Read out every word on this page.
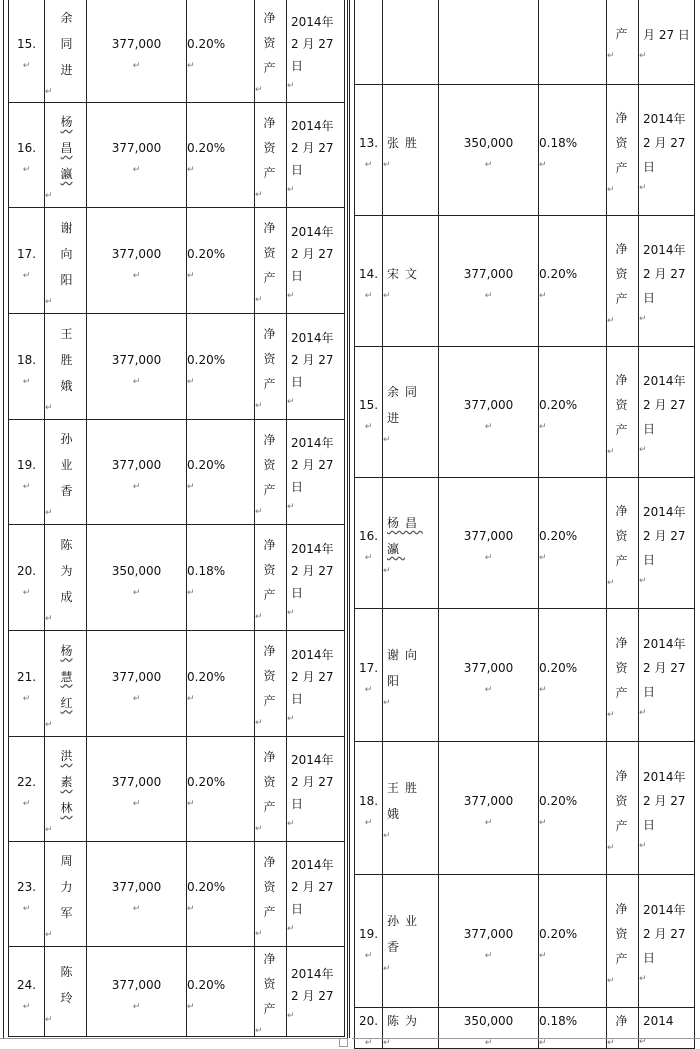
15.
↵	余同进
↵	377,000
↵	0.20%
↵	净资产
↵	2014年 2 月 27 日
↵

16.
↵	杨昌瀛
↵	377,000
↵	0.20%
↵	净资产
↵	2014年 2 月 27 日
↵

17.
↵	谢向阳
↵	377,000
↵	0.20%
↵	净资产
↵	2014年 2 月 27 日
↵

18.
↵	王胜娥
↵	377,000
↵	0.20%
↵	净资产
↵	2014年 2 月 27 日
↵

19.
↵	孙业香
↵	377,000
↵	0.20%
↵	净资产
↵	2014年 2 月 27 日
↵

20.
↵	陈为成
↵	350,000
↵	0.18%
↵	净资产
↵	2014年 2 月 27 日
↵

21.
↵	杨慧红
↵	377,000
↵	0.20%
↵	净资产
↵	2014年 2 月 27 日
↵

22.
↵	洪素林
↵	377,000
↵	0.20%
↵	净资产
↵	2014年 2 月 27 日
↵

23.
↵	周力军
↵	377,000
↵	0.20%
↵	净资产
↵	2014年 2 月 27 日
↵

24.
↵	陈玲
↵	377,000
↵	0.20%
↵	净资产
↵	2014年 2 月 27
↵

				产
↵	月 27 日
↵

13.
↵	张胜
↵	350,000
↵	0.18%
↵	净资产
↵	2014年 2 月 27 日
↵

14.
↵	宋文
↵	377,000
↵	0.20%
↵	净资产
↵	2014年 2 月 27 日
↵

15.
↵	余同进
↵	377,000
↵	0.20%
↵	净资产
↵	2014年 2 月 27 日
↵

16.
↵	杨昌瀛
↵	377,000
↵	0.20%
↵	净资产
↵	2014年 2 月 27 日
↵

17.
↵	谢向阳
↵	377,000
↵	0.20%
↵	净资产
↵	2014年 2 月 27 日
↵

18.
↵	王胜娥
↵	377,000
↵	0.20%
↵	净资产
↵	2014年 2 月 27 日
↵

19.
↵	孙业香
↵	377,000
↵	0.20%
↵	净资产
↵	2014年 2 月 27 日
↵

20.
↵	陈为
↵	350,000
↵	0.18%
↵	净
↵	2014
↵
